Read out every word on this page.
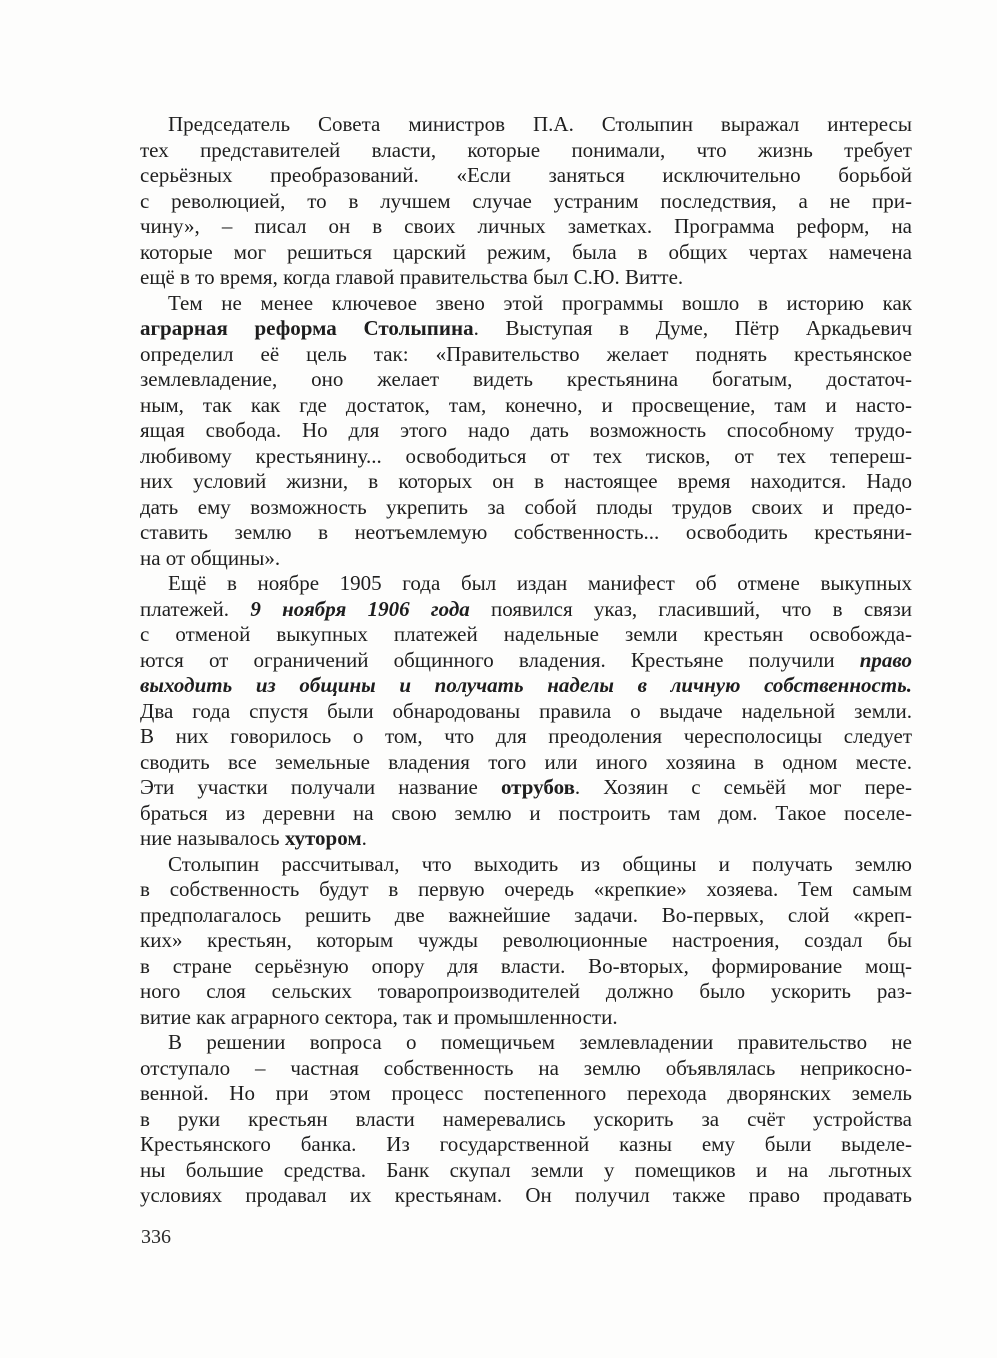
Председатель Совета министров П.А. Столыпин выражал интересы
тех представителей власти, которые понимали, что жизнь требует
серьёзных преобразований. «Если заняться исключительно борьбой
с революцией, то в лучшем случае устраним последствия, а не при-
чину», – писал он в своих личных заметках. Программа реформ, на
которые мог решиться царский режим, была в общих чертах намечена
ещё в то время, когда главой правительства был С.Ю. Витте.
Тем не менее ключевое звено этой программы вошло в историю как
аграрная реформа Столыпина. Выступая в Думе, Пётр Аркадьевич
определил её цель так: «Правительство желает поднять крестьянское
землевладение, оно желает видеть крестьянина богатым, достаточ-
ным, так как где достаток, там, конечно, и просвещение, там и насто-
ящая свобода. Но для этого надо дать возможность способному трудо-
любивому крестьянину... освободиться от тех тисков, от тех тепереш-
них условий жизни, в которых он в настоящее время находится. Надо
дать ему возможность укрепить за собой плоды трудов своих и предо-
ставить землю в неотъемлемую собственность... освободить крестьяни-
на от общины».
Ещё в ноябре 1905 года был издан манифест об отмене выкупных
платежей. 9 ноября 1906 года появился указ, гласивший, что в связи
с отменой выкупных платежей надельные земли крестьян освобожда-
ются от ограничений общинного владения. Крестьяне получили право
выходить из общины и получать наделы в личную собственность.
Два года спустя были обнародованы правила о выдаче надельной земли.
В них говорилось о том, что для преодоления чересполосицы следует
сводить все земельные владения того или иного хозяина в одном месте.
Эти участки получали название отрубов. Хозяин с семьёй мог пере-
браться из деревни на свою землю и построить там дом. Такое поселе-
ние называлось хутором.
Столыпин рассчитывал, что выходить из общины и получать землю
в собственность будут в первую очередь «крепкие» хозяева. Тем самым
предполагалось решить две важнейшие задачи. Во-первых, слой «креп-
ких» крестьян, которым чужды революционные настроения, создал бы
в стране серьёзную опору для власти. Во-вторых, формирование мощ-
ного слоя сельских товаропроизводителей должно было ускорить раз-
витие как аграрного сектора, так и промышленности.
В решении вопроса о помещичьем землевладении правительство не
отступало – частная собственность на землю объявлялась неприкосно-
венной. Но при этом процесс постепенного перехода дворянских земель
в руки крестьян власти намеревались ускорить за счёт устройства
Крестьянского банка. Из государственной казны ему были выделе-
ны большие средства. Банк скупал земли у помещиков и на льготных
условиях продавал их крестьянам. Он получил также право продавать
336
